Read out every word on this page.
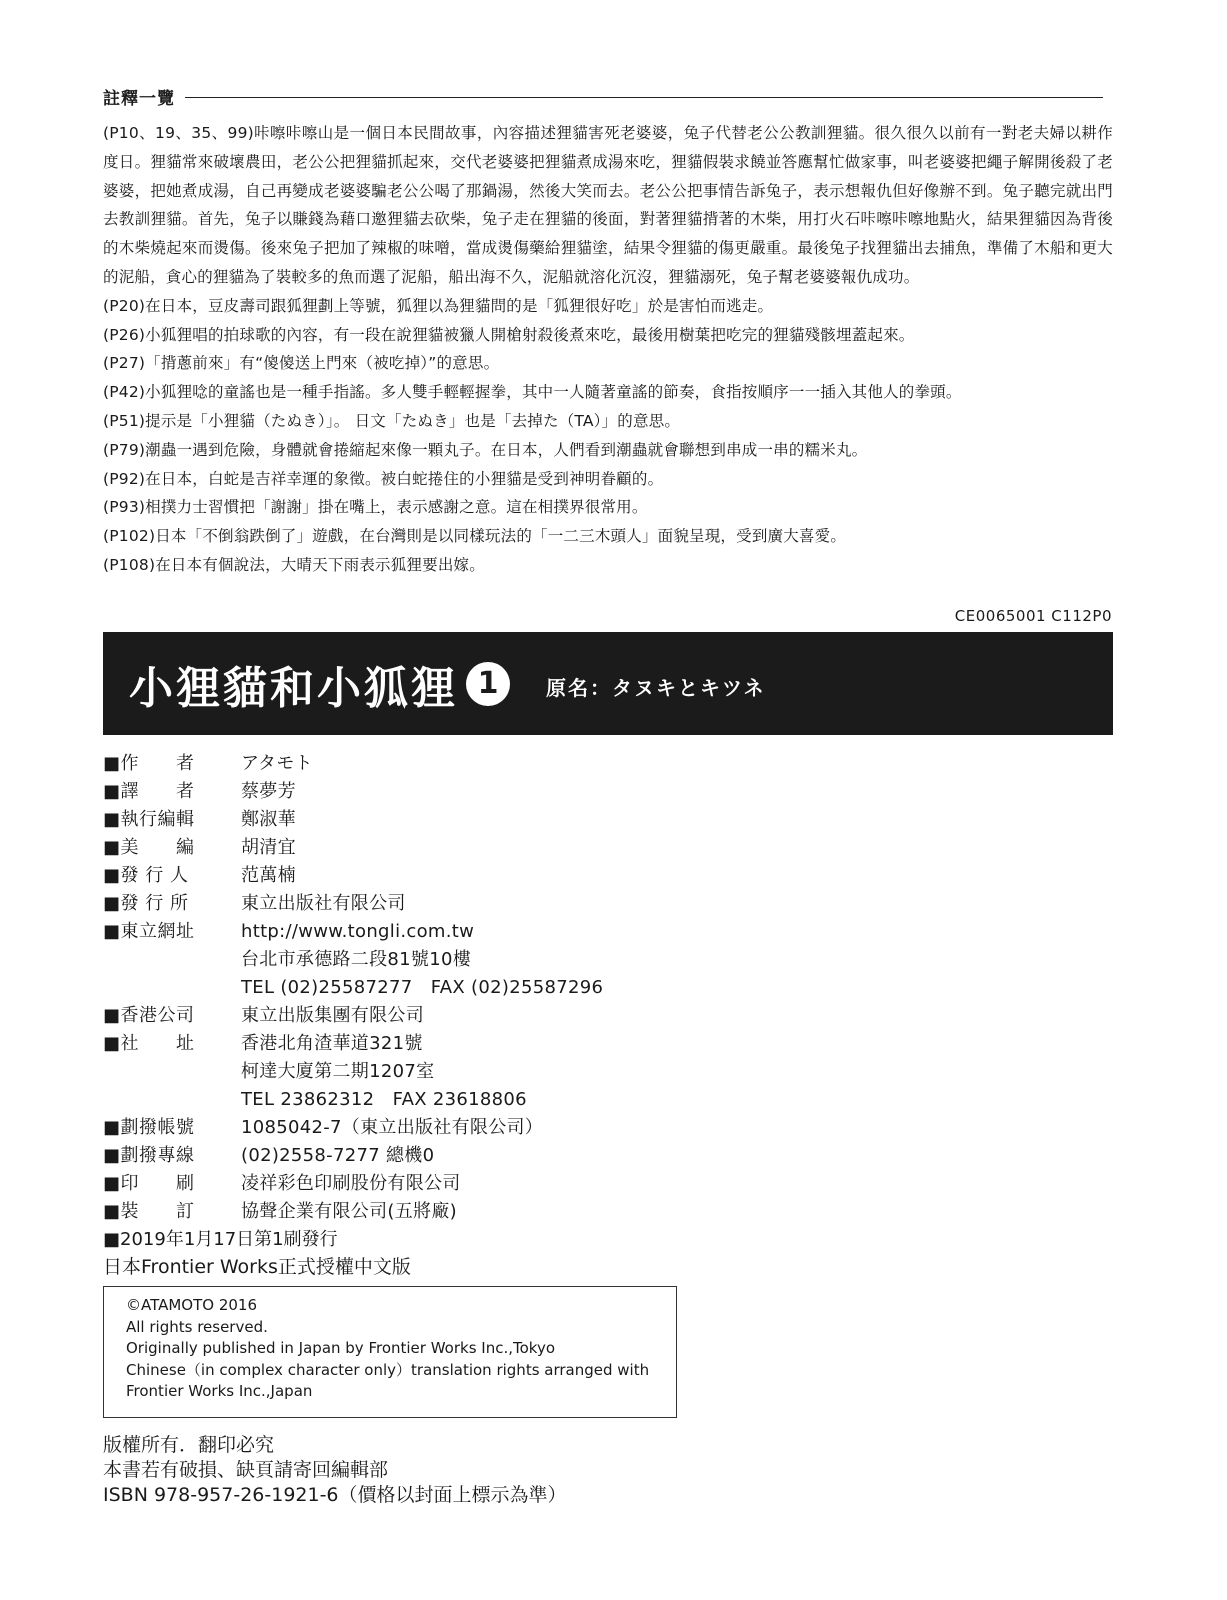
註釋一覽
(P10、19、35、99)咔嚓咔嚓山是一個日本民間故事，內容描述狸貓害死老婆婆，兔子代替老公公教訓狸貓。很久很久以前有一對老夫婦以耕作度日。狸貓常來破壞農田，老公公把狸貓抓起來，交代老婆婆把狸貓煮成湯來吃，狸貓假裝求饒並答應幫忙做家事，叫老婆婆把繩子解開後殺了老婆婆，把她煮成湯，自己再變成老婆婆騙老公公喝了那鍋湯，然後大笑而去。老公公把事情告訴兔子，表示想報仇但好像辦不到。兔子聽完就出門去教訓狸貓。首先，兔子以賺錢為藉口邀狸貓去砍柴，兔子走在狸貓的後面，對著狸貓揹著的木柴，用打火石咔嚓咔嚓地點火，結果狸貓因為背後的木柴燒起來而燙傷。後來兔子把加了辣椒的味噌，當成燙傷藥給狸貓塗，結果令狸貓的傷更嚴重。最後兔子找狸貓出去捕魚，準備了木船和更大的泥船，貪心的狸貓為了裝較多的魚而選了泥船，船出海不久，泥船就溶化沉沒，狸貓溺死，兔子幫老婆婆報仇成功。
(P20)在日本，豆皮壽司跟狐狸劃上等號，狐狸以為狸貓問的是「狐狸很好吃」於是害怕而逃走。
(P26)小狐狸唱的拍球歌的內容，有一段在說狸貓被獵人開槍射殺後煮來吃，最後用樹葉把吃完的狸貓殘骸埋蓋起來。
(P27)「揹蔥前來」有“傻傻送上門來（被吃掉）”的意思。
(P42)小狐狸唸的童謠也是一種手指謠。多人雙手輕輕握拳，其中一人隨著童謠的節奏，食指按順序一一插入其他人的拳頭。
(P51)提示是「小狸貓（たぬき）」。 日文「たぬき」也是「去掉た（TA）」的意思。
(P79)潮蟲一遇到危險，身體就會捲縮起來像一顆丸子。在日本，人們看到潮蟲就會聯想到串成一串的糯米丸。
(P92)在日本，白蛇是吉祥幸運的象徵。被白蛇捲住的小狸貓是受到神明眷顧的。
(P93)相撲力士習慣把「謝謝」掛在嘴上，表示感謝之意。這在相撲界很常用。
(P102)日本「不倒翁跌倒了」遊戲，在台灣則是以同樣玩法的「一二三木頭人」面貌呈現，受到廣大喜愛。
(P108)在日本有個說法，大晴天下雨表示狐狸要出嫁。
CE0065001 C112P0
小狸貓和小狐狸 1	原名：タヌキとキツネ
■作　　者	アタモト
■譯　　者	蔡夢芳
■執行編輯	鄭淑華
■美　　編	胡清宜
■發 行 人	范萬楠
■發 行 所	東立出版社有限公司
■東立網址	http://www.tongli.com.tw
台北市承德路二段81號10樓
TEL (02)25587277　FAX (02)25587296
■香港公司	東立出版集團有限公司
■社　　址	香港北角渣華道321號
柯達大廈第二期1207室
TEL 23862312　FAX 23618806
■劃撥帳號	1085042-7（東立出版社有限公司）
■劃撥專線	(02)2558-7277 總機0
■印　　刷	凌祥彩色印刷股份有限公司
■裝　　訂	協聲企業有限公司(五將廠)
■2019年1月17日第1刷發行
日本Frontier Works正式授權中文版
©ATAMOTO 2016
All rights reserved.
Originally published in Japan by Frontier Works Inc.,Tokyo
Chinese（in complex character only）translation rights arranged with
Frontier Works Inc.,Japan
版權所有．翻印必究
本書若有破損、缺頁請寄回編輯部
ISBN 978-957-26-1921-6（價格以封面上標示為準）
